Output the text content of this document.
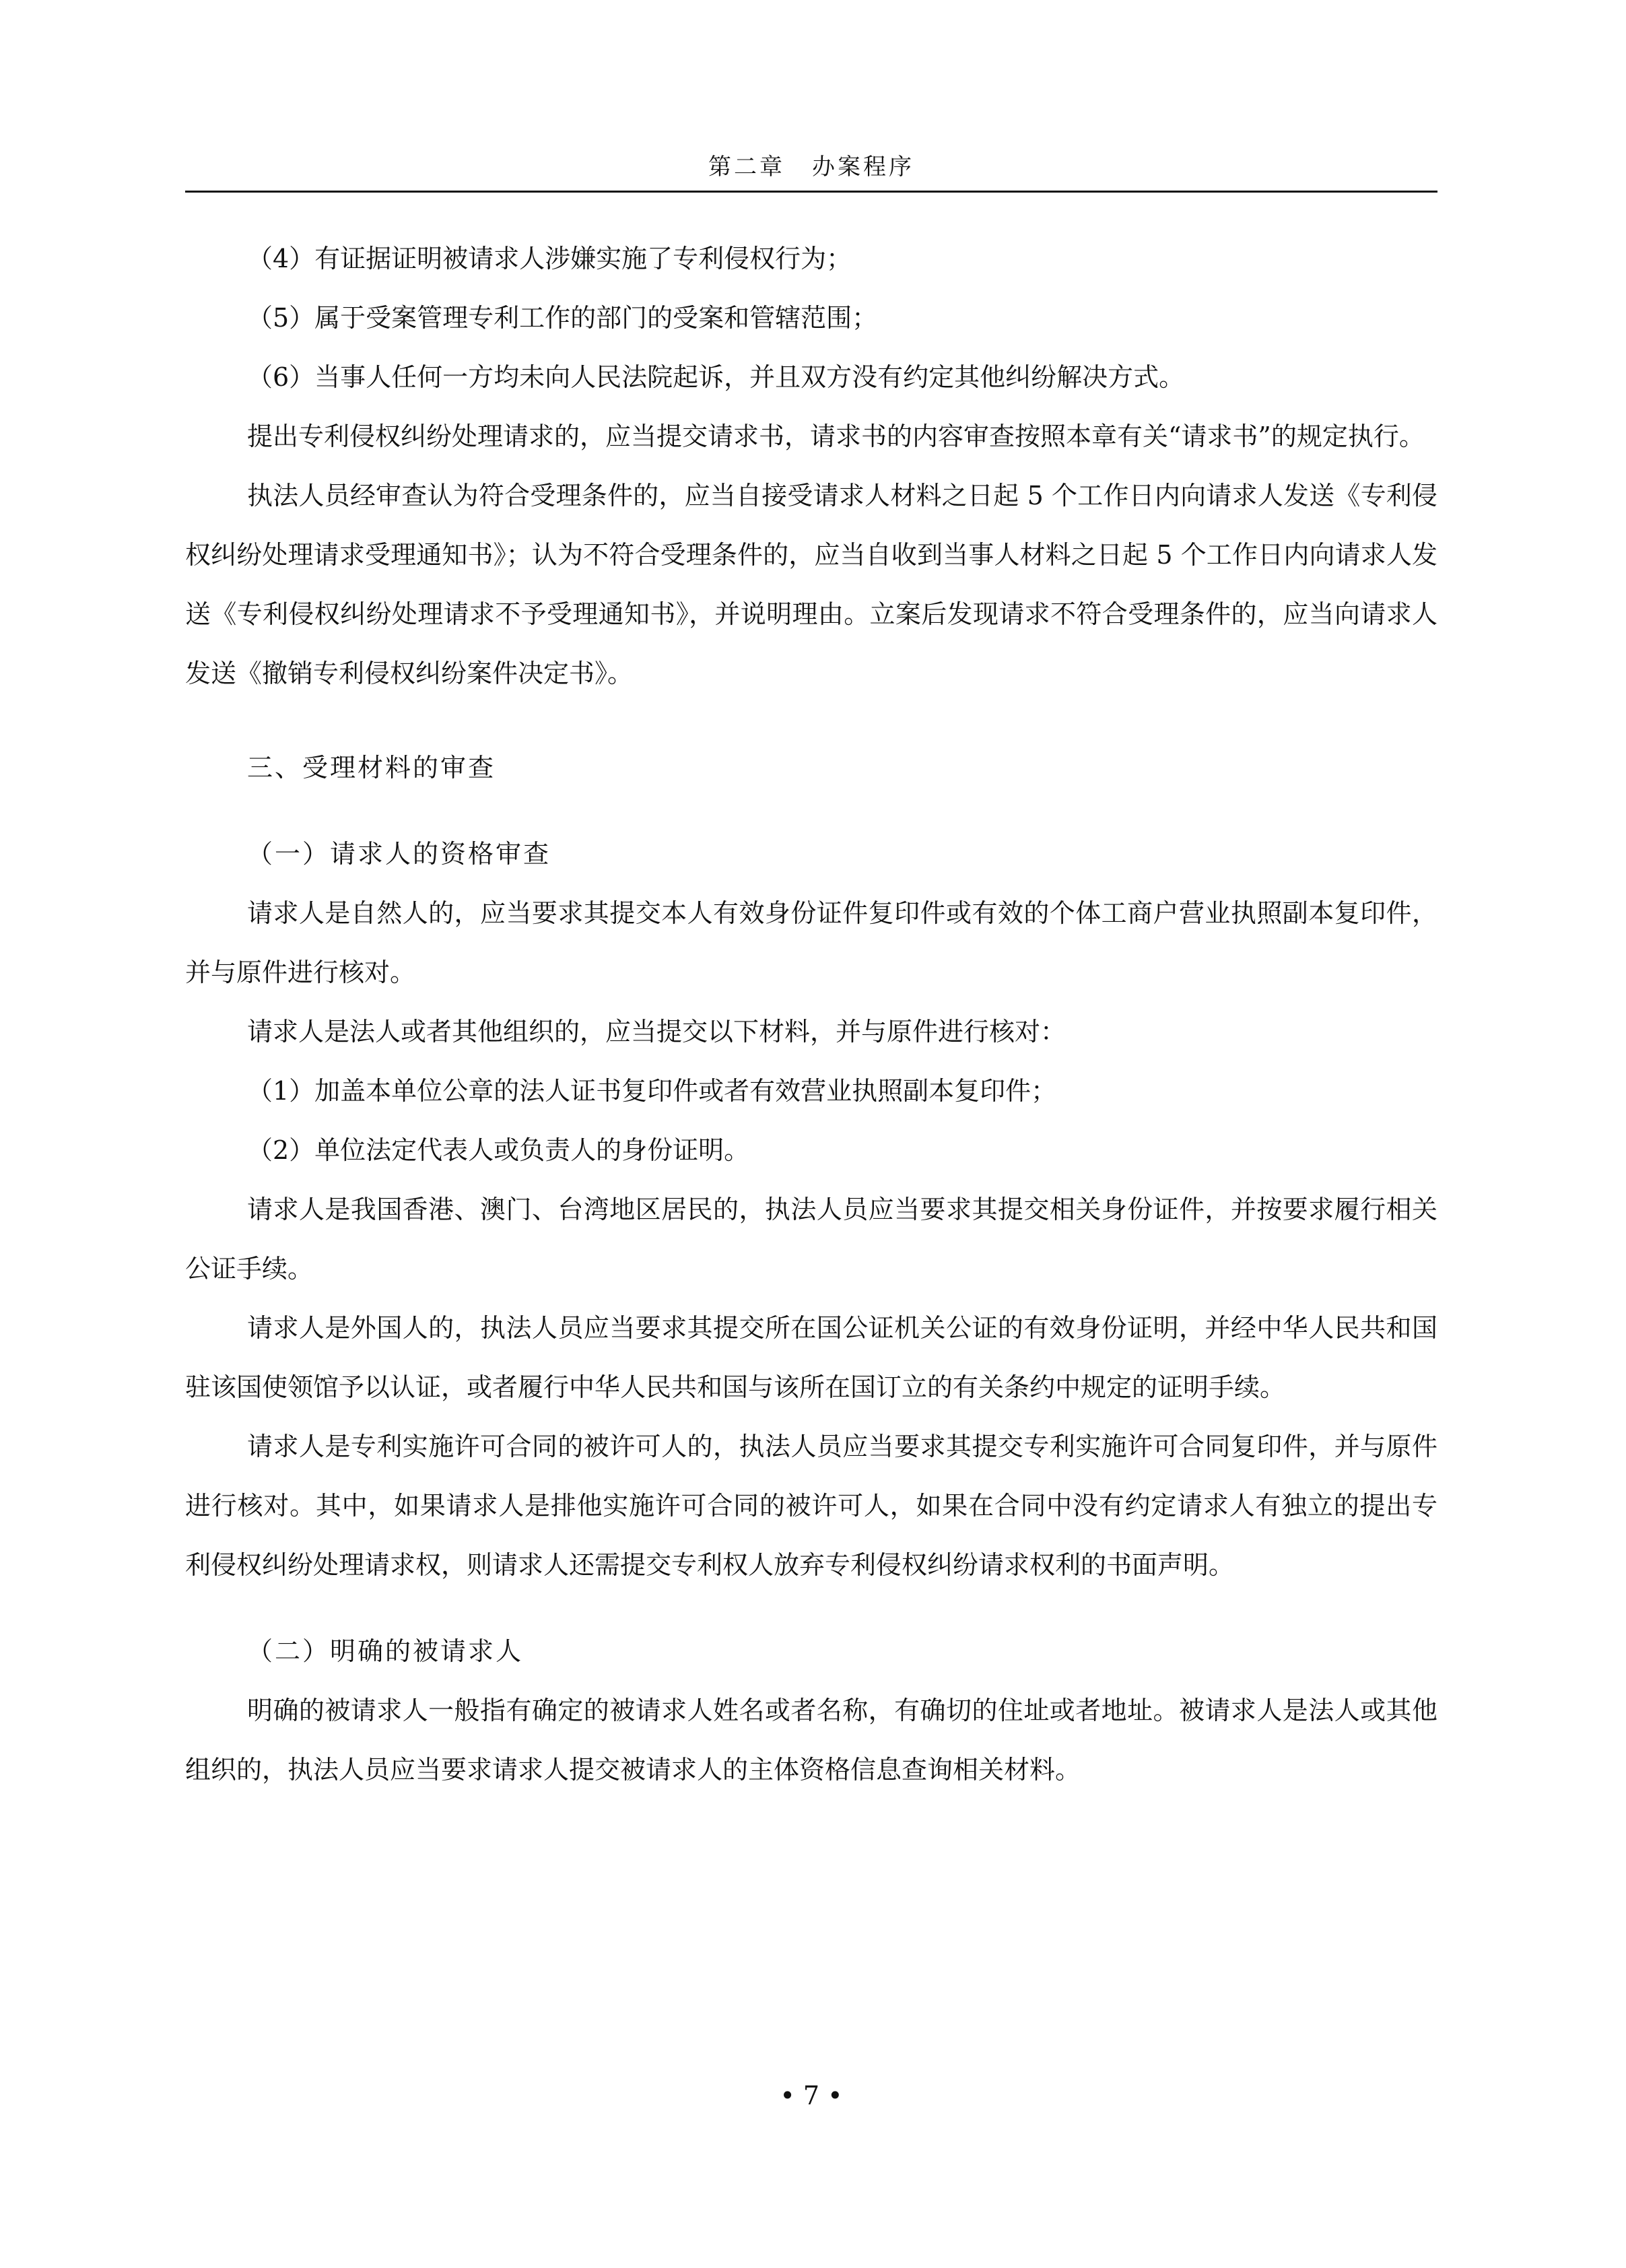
第二章 办案程序

（4）有证据证明被请求人涉嫌实施了专利侵权行为；

（5）属于受案管理专利工作的部门的受案和管辖范围；

（6）当事人任何一方均未向人民法院起诉，并且双方没有约定其他纠纷解决方式。

提出专利侵权纠纷处理请求的，应当提交请求书，请求书的内容审查按照本章有关“请求书”的规定执行。

执法人员经审查认为符合受理条件的，应当自接受请求人材料之日起 5 个工作日内向请求人发送《专利侵权纠纷处理请求受理通知书》；认为不符合受理条件的，应当自收到当事人材料之日起 5 个工作日内向请求人发送《专利侵权纠纷处理请求不予受理通知书》，并说明理由。立案后发现请求不符合受理条件的，应当向请求人发送《撤销专利侵权纠纷案件决定书》。

三、受理材料的审查

（一）请求人的资格审查

请求人是自然人的，应当要求其提交本人有效身份证件复印件或有效的个体工商户营业执照副本复印件，并与原件进行核对。

请求人是法人或者其他组织的，应当提交以下材料，并与原件进行核对：

（1）加盖本单位公章的法人证书复印件或者有效营业执照副本复印件；

（2）单位法定代表人或负责人的身份证明。

请求人是我国香港、澳门、台湾地区居民的，执法人员应当要求其提交相关身份证件，并按要求履行相关公证手续。

请求人是外国人的，执法人员应当要求其提交所在国公证机关公证的有效身份证明，并经中华人民共和国驻该国使领馆予以认证，或者履行中华人民共和国与该所在国订立的有关条约中规定的证明手续。

请求人是专利实施许可合同的被许可人的，执法人员应当要求其提交专利实施许可合同复印件，并与原件进行核对。其中，如果请求人是排他实施许可合同的被许可人，如果在合同中没有约定请求人有独立的提出专利侵权纠纷处理请求权，则请求人还需提交专利权人放弃专利侵权纠纷请求权利的书面声明。

（二）明确的被请求人

明确的被请求人一般指有确定的被请求人姓名或者名称，有确切的住址或者地址。被请求人是法人或其他组织的，执法人员应当要求请求人提交被请求人的主体资格信息查询相关材料。

• 7 •
